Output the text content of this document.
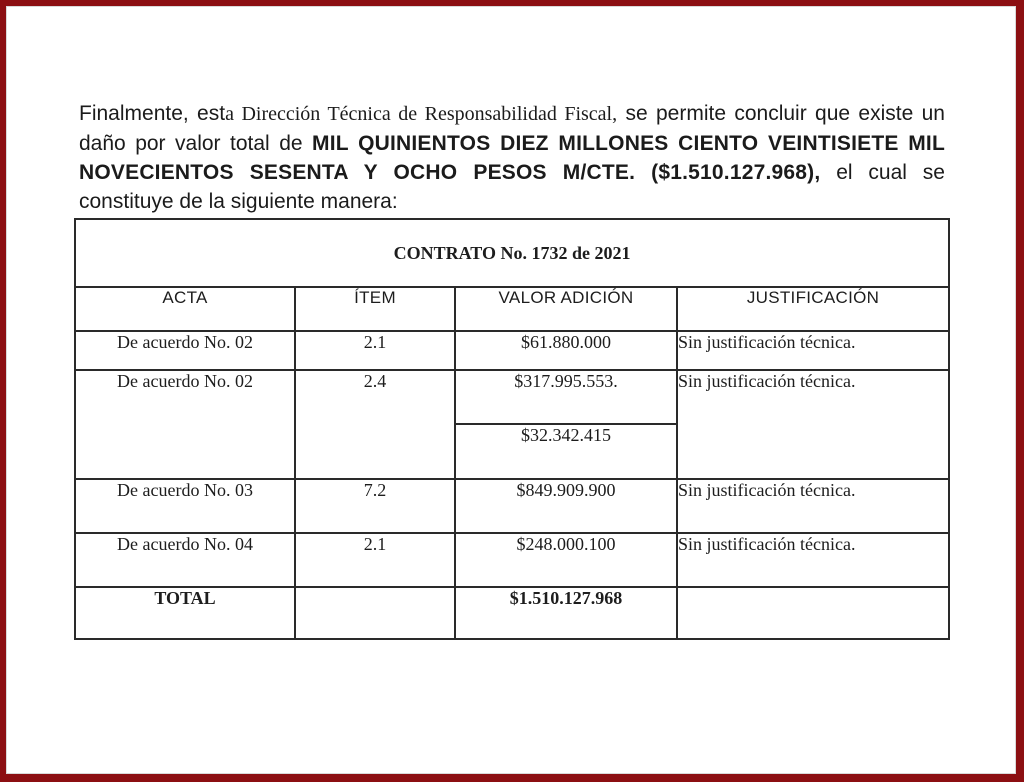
Finalmente, esta Dirección Técnica de Responsabilidad Fiscal, se permite concluir que existe un daño por valor total de MIL QUINIENTOS DIEZ MILLONES CIENTO VEINTISIETE MIL NOVECIENTOS SESENTA Y OCHO PESOS M/CTE. ($1.510.127.968), el cual se constituye de la siguiente manera:

CONTRATO No. 1732 de 2021			
ACTA	ÍTEM	VALOR ADICIÓN	JUSTIFICACIÓN
De acuerdo No. 02	2.1	$61.880.000	Sin justificación técnica.
De acuerdo No. 02	2.4	$317.995.553.	Sin justificación técnica.
		$32.342.415	
De acuerdo No. 03	7.2	$849.909.900	Sin justificación técnica.
De acuerdo No. 04	2.1	$248.000.100	Sin justificación técnica.
TOTAL		$1.510.127.968	
